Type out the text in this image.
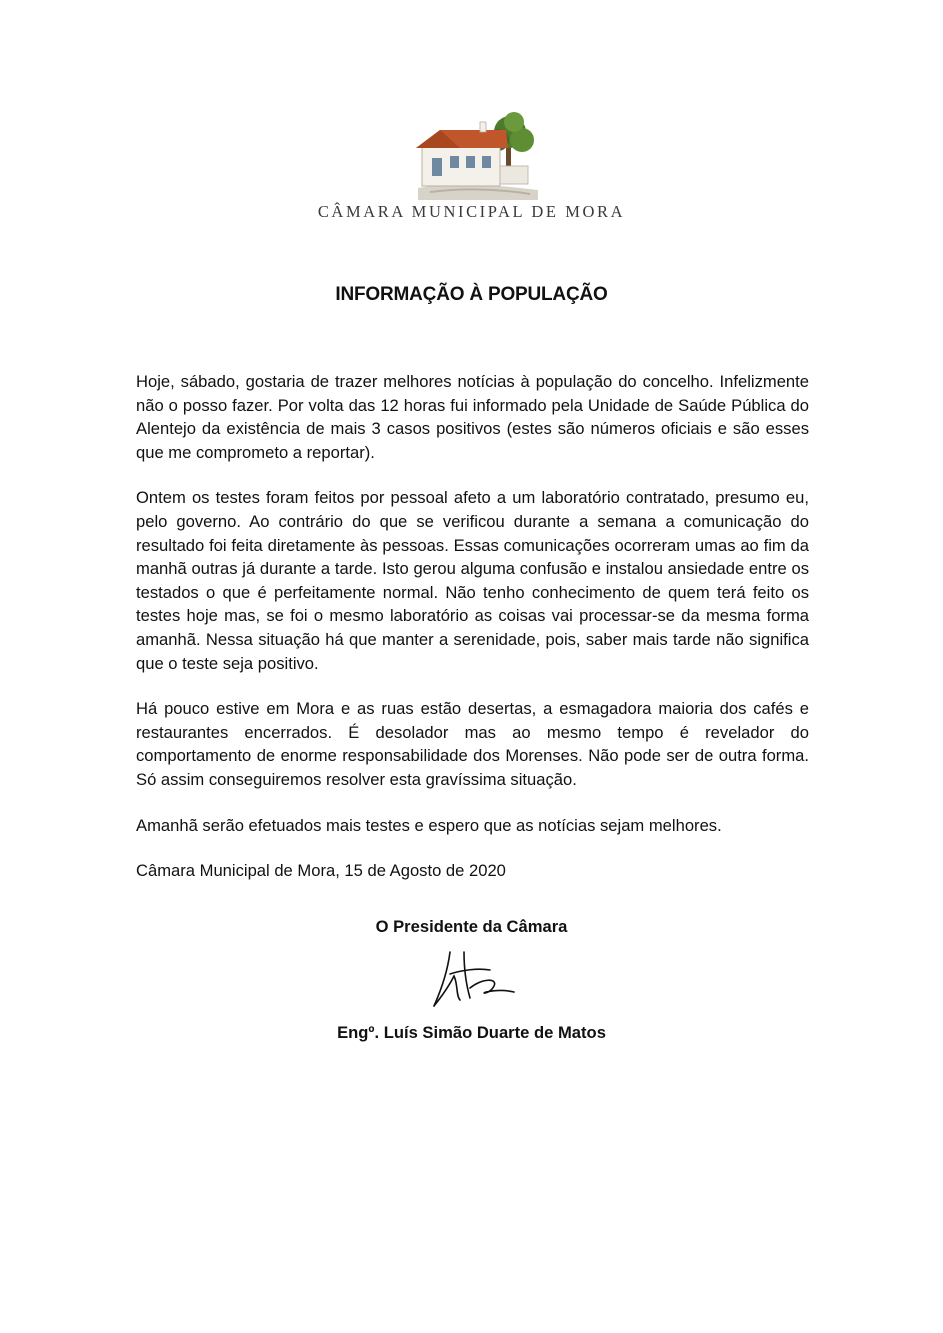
CÂMARA MUNICIPAL DE MORA
INFORMAÇÃO À POPULAÇÃO

Hoje, sábado, gostaria de trazer melhores notícias à população do concelho. Infelizmente não o posso fazer. Por volta das 12 horas fui informado pela Unidade de Saúde Pública do Alentejo da existência de mais 3 casos positivos (estes são números oficiais e são esses que me comprometo a reportar).

Ontem os testes foram feitos por pessoal afeto a um laboratório contratado, presumo eu, pelo governo. Ao contrário do que se verificou durante a semana a comunicação do resultado foi feita diretamente às pessoas. Essas comunicações ocorreram umas ao fim da manhã outras já durante a tarde. Isto gerou alguma confusão e instalou ansiedade entre os testados o que é perfeitamente normal. Não tenho conhecimento de quem terá feito os testes hoje mas, se foi o mesmo laboratório as coisas vai processar-se da mesma forma amanhã. Nessa situação há que manter a serenidade, pois, saber mais tarde não significa que o teste seja positivo.

Há pouco estive em Mora e as ruas estão desertas, a esmagadora maioria dos cafés e restaurantes encerrados. É desolador mas ao mesmo tempo é revelador do comportamento de enorme responsabilidade dos Morenses. Não pode ser de outra forma. Só assim conseguiremos resolver esta gravíssima situação.

Amanhã serão efetuados mais testes e espero que as notícias sejam melhores.

Câmara Municipal de Mora, 15 de Agosto de 2020

O Presidente da Câmara
Engº. Luís Simão Duarte de Matos
